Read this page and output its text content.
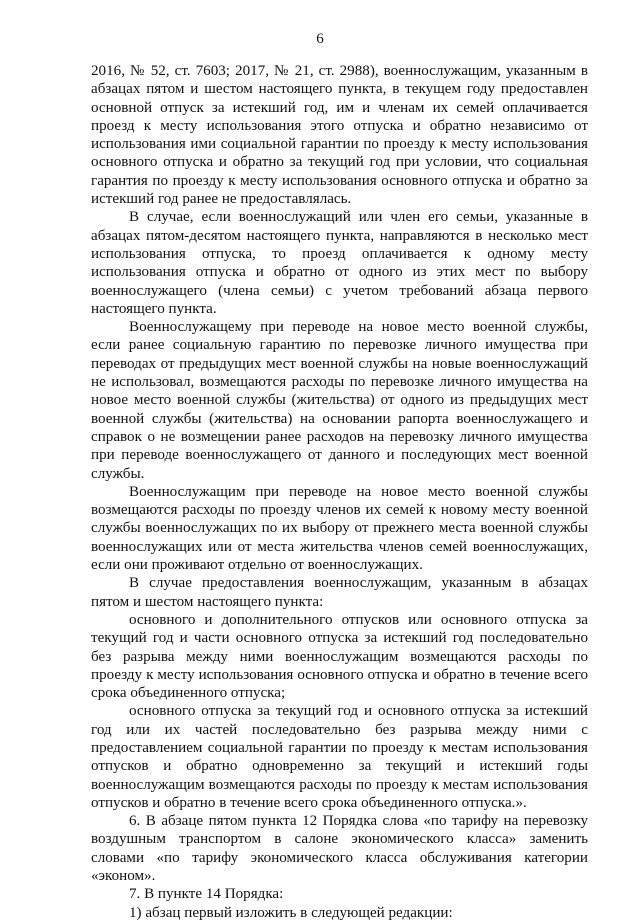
6

2016, № 52, ст. 7603; 2017, № 21, ст. 2988), военнослужащим, указанным в абзацах пятом и шестом настоящего пункта, в текущем году предоставлен основной отпуск за истекший год, им и членам их семей оплачивается проезд к месту использования этого отпуска и обратно независимо от использования ими социальной гарантии по проезду к месту использования основного отпуска и обратно за текущий год при условии, что социальная гарантия по проезду к месту использования основного отпуска и обратно за истекший год ранее не предоставлялась.

В случае, если военнослужащий или член его семьи, указанные в абзацах пятом-десятом настоящего пункта, направляются в несколько мест использования отпуска, то проезд оплачивается к одному месту использования отпуска и обратно от одного из этих мест по выбору военнослужащего (члена семьи) с учетом требований абзаца первого настоящего пункта.

Военнослужащему при переводе на новое место военной службы, если ранее социальную гарантию по перевозке личного имущества при переводах от предыдущих мест военной службы на новые военнослужащий не использовал, возмещаются расходы по перевозке личного имущества на новое место военной службы (жительства) от одного из предыдущих мест военной службы (жительства) на основании рапорта военнослужащего и справок о не возмещении ранее расходов на перевозку личного имущества при переводе военнослужащего от данного и последующих мест военной службы.

Военнослужащим при переводе на новое место военной службы возмещаются расходы по проезду членов их семей к новому месту военной службы военнослужащих по их выбору от прежнего места военной службы военнослужащих или от места жительства членов семей военнослужащих, если они проживают отдельно от военнослужащих.

В случае предоставления военнослужащим, указанным в абзацах пятом и шестом настоящего пункта:

основного и дополнительного отпусков или основного отпуска за текущий год и части основного отпуска за истекший год последовательно без разрыва между ними военнослужащим возмещаются расходы по проезду к месту использования основного отпуска и обратно в течение всего срока объединенного отпуска;

основного отпуска за текущий год и основного отпуска за истекший год или их частей последовательно без разрыва между ними с предоставлением социальной гарантии по проезду к местам использования отпусков и обратно одновременно за текущий и истекший годы военнослужащим возмещаются расходы по проезду к местам использования отпусков и обратно в течение всего срока объединенного отпуска.».

6. В абзаце пятом пункта 12 Порядка слова «по тарифу на перевозку воздушным транспортом в салоне экономического класса» заменить словами «по тарифу экономического класса обслуживания категории «эконом».

7. В пункте 14 Порядка:

1) абзац первый изложить в следующей редакции:
